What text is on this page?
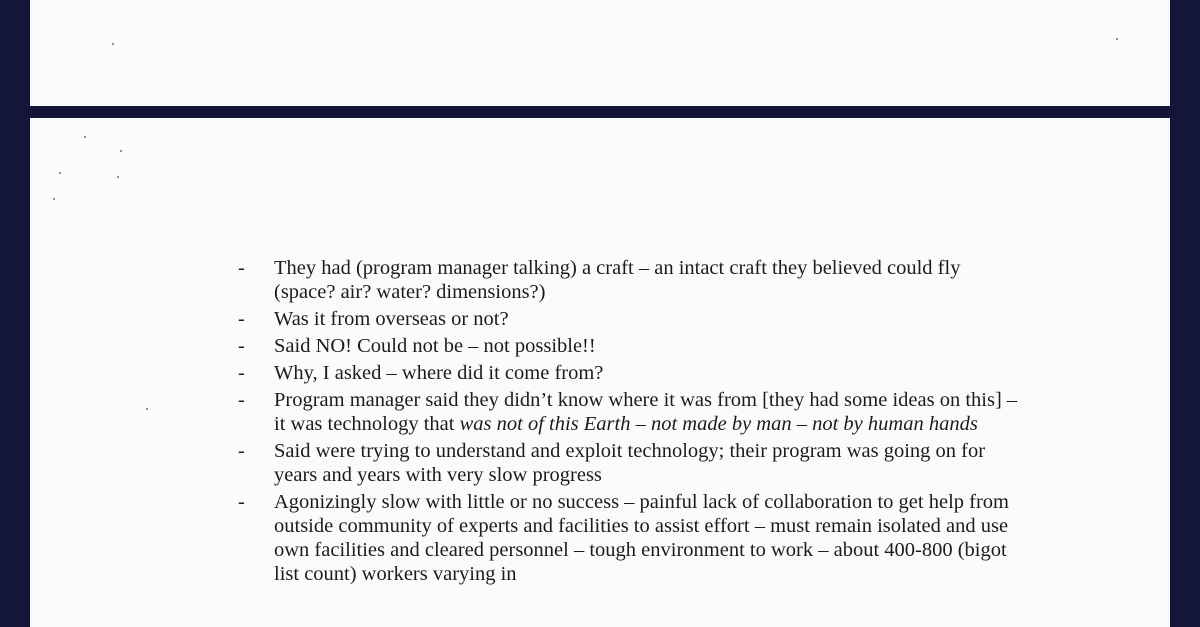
-	They had (program manager talking) a craft – an intact craft they believed could fly (space? air? water? dimensions?)
-	Was it from overseas or not?
-	Said NO! Could not be – not possible!!
-	Why, I asked – where did it come from?
-	Program manager said they didn’t know where it was from [they had some ideas on this] – it was technology that was not of this Earth – not made by man – not by human hands
-	Said were trying to understand and exploit technology; their program was going on for years and years with very slow progress
-	Agonizingly slow with little or no success – painful lack of collaboration to get help from outside community of experts and facilities to assist effort – must remain isolated and use own facilities and cleared personnel – tough environment to work – about 400-800 (bigot list count) workers varying in
